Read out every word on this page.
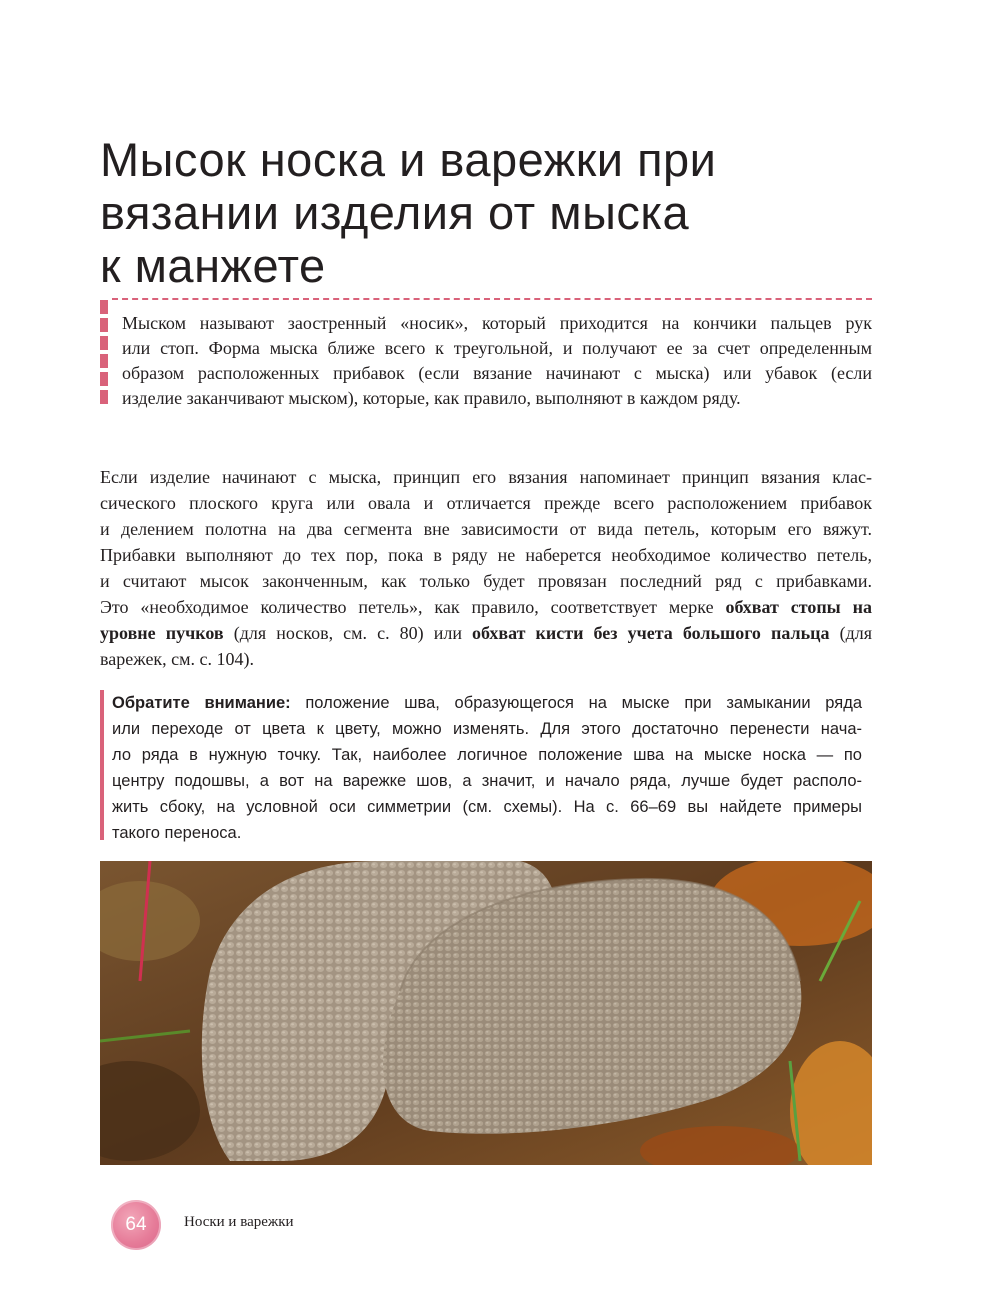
Мысок носка и варежки при
вязании изделия от мыска
к манжете
Мыском называют заостренный «носик», который приходится на кончики пальцев рук
или стоп. Форма мыска ближе всего к треугольной, и получают ее за счет определенным
образом расположенных прибавок (если вязание начинают с мыска) или убавок (если
изделие заканчивают мыском), которые, как правило, выполняют в каждом ряду.
Если изделие начинают с мыска, принцип его вязания напоминает принцип вязания клас-
сического плоского круга или овала и отличается прежде всего расположением прибавок
и делением полотна на два сегмента вне зависимости от вида петель, которым его вяжут.
Прибавки выполняют до тех пор, пока в ряду не наберется необходимое количество петель,
и считают мысок законченным, как только будет провязан последний ряд с прибавками.
Это «необходимое количество петель», как правило, соответствует мерке обхват стопы на
уровне пучков (для носков, см. с. 80) или обхват кисти без учета большого пальца (для
варежек, см. с. 104).
Обратите внимание: положение шва, образующегося на мыске при замыкании ряда
или переходе от цвета к цвету, можно изменять. Для этого достаточно перенести нача-
ло ряда в нужную точку. Так, наиболее логичное положение шва на мыске носка — по
центру подошвы, а вот на варежке шов, а значит, и начало ряда, лучше будет располо-
жить сбоку, на условной оси симметрии (см. схемы). На с. 66–69 вы найдете примеры
такого переноса.
64	Носки и варежки
